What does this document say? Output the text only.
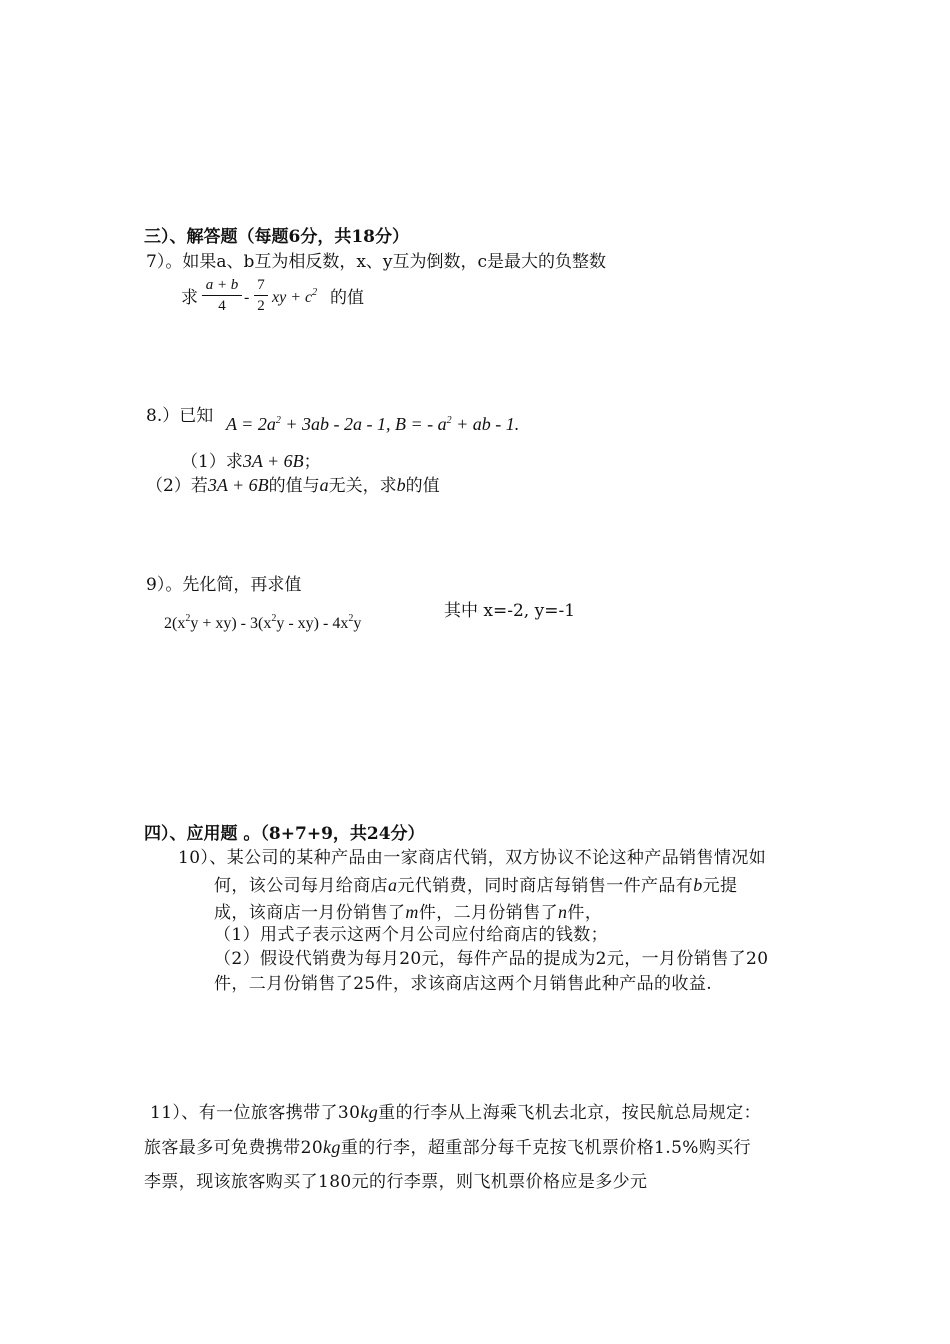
三）、解答题（每题6分，共18分）
7）。如果a、b互为相反数，x、y互为倒数，c是最大的负整数
求
a + b
4	-
7
2 xy + $c^2$ 的值
8.）已知 $A = 2a^2 + 3ab - 2a - 1$, B = - $a^2$ + ab - 1.
（1）求3A + 6B；
（2）若3A + 6B的值与a无关，求b的值
9）。先化简，再求值
$2(x^2y + xy) - 3(x^2y - xy) - 4x^2y$
其中 x=-2, y=-1
四）、应用题 。（8+7+9，共24分）
10）、某公司的某种产品由一家商店代销，双方协议不论这种产品销售情况如
何，该公司每月给商店a元代销费，同时商店每销售一件产品有b元提
成，该商店一月份销售了m件，二月份销售了n件，
（1）用式子表示这两个月公司应付给商店的钱数；
（2）假设代销费为每月20元，每件产品的提成为2元，一月份销售了20
件，二月份销售了25件，求该商店这两个月销售此种产品的收益.
11）、有一位旅客携带了30kg重的行李从上海乘飞机去北京，按民航总局规定：
旅客最多可免费携带20kg重的行李，超重部分每千克按飞机票价格1.5%购买行
李票，现该旅客购买了180元的行李票，则飞机票价格应是多少元
